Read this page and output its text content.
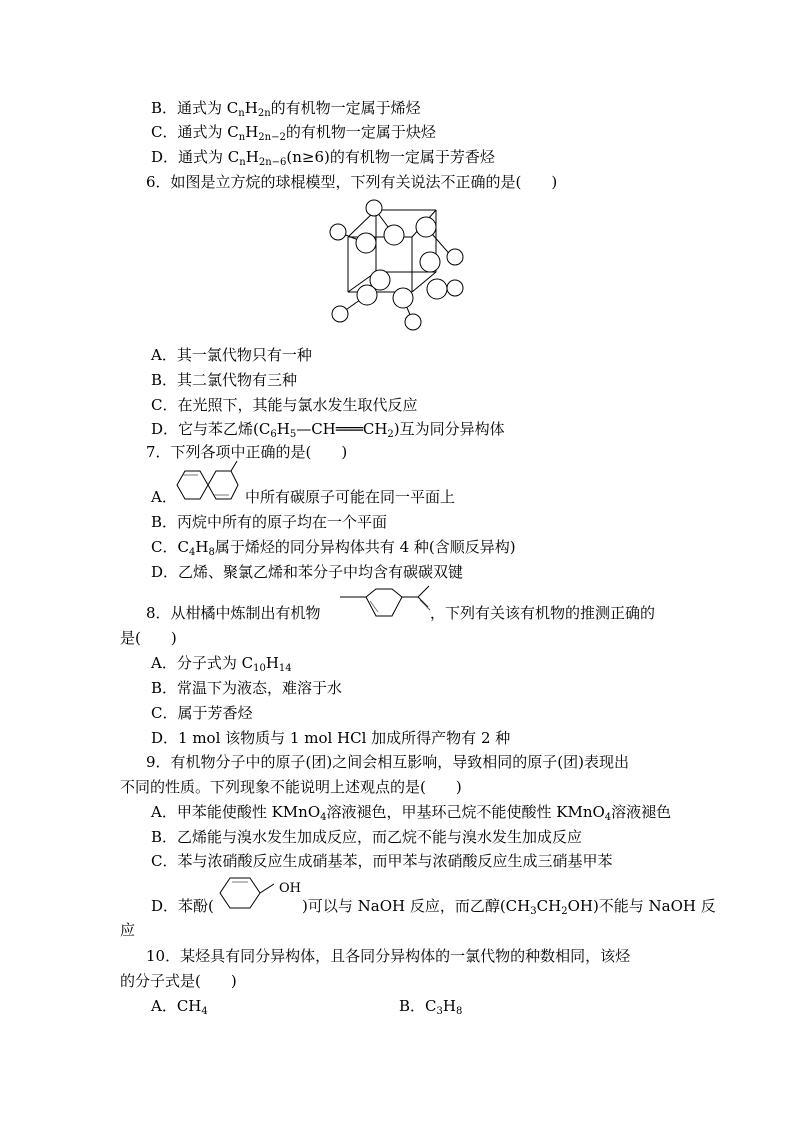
B．通式为 $C_nH_{2n}$的有机物一定属于烯烃
C．通式为 $C_nH_{2n-2}$的有机物一定属于炔烃
D．通式为 $C_nH_{2n-6}(n\ge 6)$的有机物一定属于芳香烃
6．如图是立方烷的球棍模型，下列有关说法不正确的是(　　)
A．其一氯代物只有一种
B．其二氯代物有三种
C．在光照下，其能与氯水发生取代反应
D．它与苯乙烯$(C_6H_5—CH═══CH_2)$互为同分异构体
7．下列各项中正确的是(　　)
A．	中所有碳原子可能在同一平面上
B．丙烷中所有的原子均在一个平面
C．$C_4H_8$属于烯烃的同分异构体共有 4 种(含顺反异构)
D．乙烯、聚氯乙烯和苯分子中均含有碳碳双键
8．从柑橘中炼制出有机物	，下列有关该有机物的推测正确的
是(　　)
A．分子式为 $C_{10}H_{14}$
B．常温下为液态，难溶于水
C．属于芳香烃
D．1 mol 该物质与 1 mol HCl 加成所得产物有 2 种
9．有机物分子中的原子(团)之间会相互影响，导致相同的原子(团)表现出
不同的性质。下列现象不能说明上述观点的是(　　)
A．甲苯能使酸性 KMnO$_4$溶液褪色，甲基环己烷不能使酸性 KMnO$_4$溶液褪色
B．乙烯能与溴水发生加成反应，而乙烷不能与溴水发生加成反应
C．苯与浓硝酸反应生成硝基苯，而甲苯与浓硝酸反应生成三硝基甲苯
D．苯酚(
OH
)可以与 NaOH 反应，而乙醇$(CH_3CH_2OH)$不能与 NaOH 反
应
10．某烃具有同分异构体，且各同分异构体的一氯代物的种数相同，该烃
的分子式是(　　)
A．$CH_4$	B．$C_3H_8$
